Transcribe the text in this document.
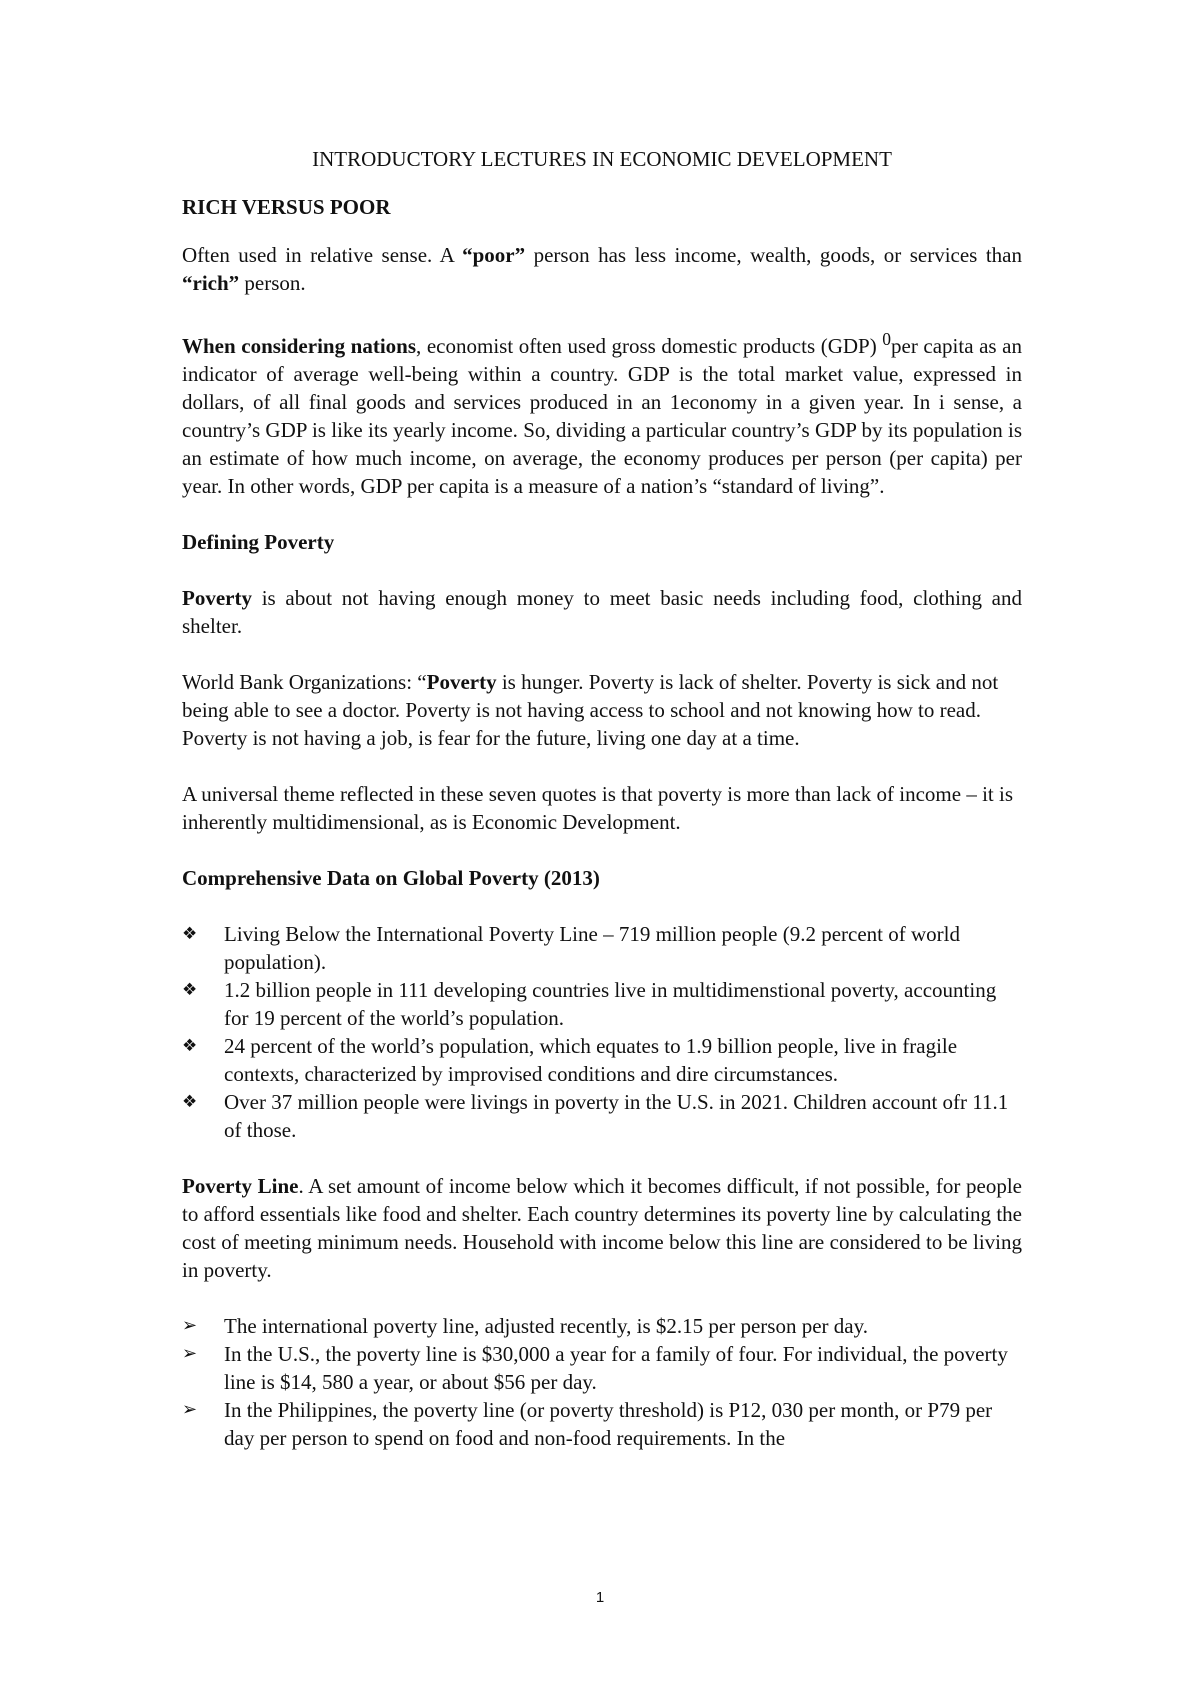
INTRODUCTORY LECTURES IN ECONOMIC DEVELOPMENT
RICH VERSUS POOR

Often used in relative sense. A “poor” person has less income, wealth, goods, or services than “rich” person.

When considering nations, economist often used gross domestic products (GDP) $^0$per capita as an indicator of average well-being within a country. GDP is the total market value, expressed in dollars, of all final goods and services produced in an 1economy in a given year. In i sense, a country’s GDP is like its yearly income. So, dividing a particular country’s GDP by its population is an estimate of how much income, on average, the economy produces per person (per capita) per year. In other words, GDP per capita is a measure of a nation’s “standard of living”.

Defining Poverty

Poverty is about not having enough money to meet basic needs including food, clothing and shelter.

World Bank Organizations: “Poverty is hunger. Poverty is lack of shelter. Poverty is sick and not being able to see a doctor. Poverty is not having access to school and not knowing how to read. Poverty is not having a job, is fear for the future, living one day at a time.

A universal theme reflected in these seven quotes is that poverty is more than lack of income – it is inherently multidimensional, as is Economic Development.

Comprehensive Data on Global Poverty (2013)
❖	Living Below the International Poverty Line – 719 million people (9.2 percent of world population).
❖	1.2 billion people in 111 developing countries live in multidimenstional poverty, accounting for 19 percent of the world’s population.
❖	24 percent of the world’s population, which equates to 1.9 billion people, live in fragile contexts, characterized by improvised conditions and dire circumstances.
❖	Over 37 million people were livings in poverty in the U.S. in 2021. Children account ofr 11.1 of those.

Poverty Line. A set amount of income below which it becomes difficult, if not possible, for people to afford essentials like food and shelter. Each country determines its poverty line by calculating the cost of meeting minimum needs. Household with income below this line are considered to be living in poverty.

➢	The international poverty line, adjusted recently, is $2.15 per person per day.
➢	In the U.S., the poverty line is $30,000 a year for a family of four. For individual, the poverty line is $14, 580 a year, or about $56 per day.
➢	In the Philippines, the poverty line (or poverty threshold) is P12, 030 per month, or P79 per day per person to spend on food and non-food requirements. In the
1
